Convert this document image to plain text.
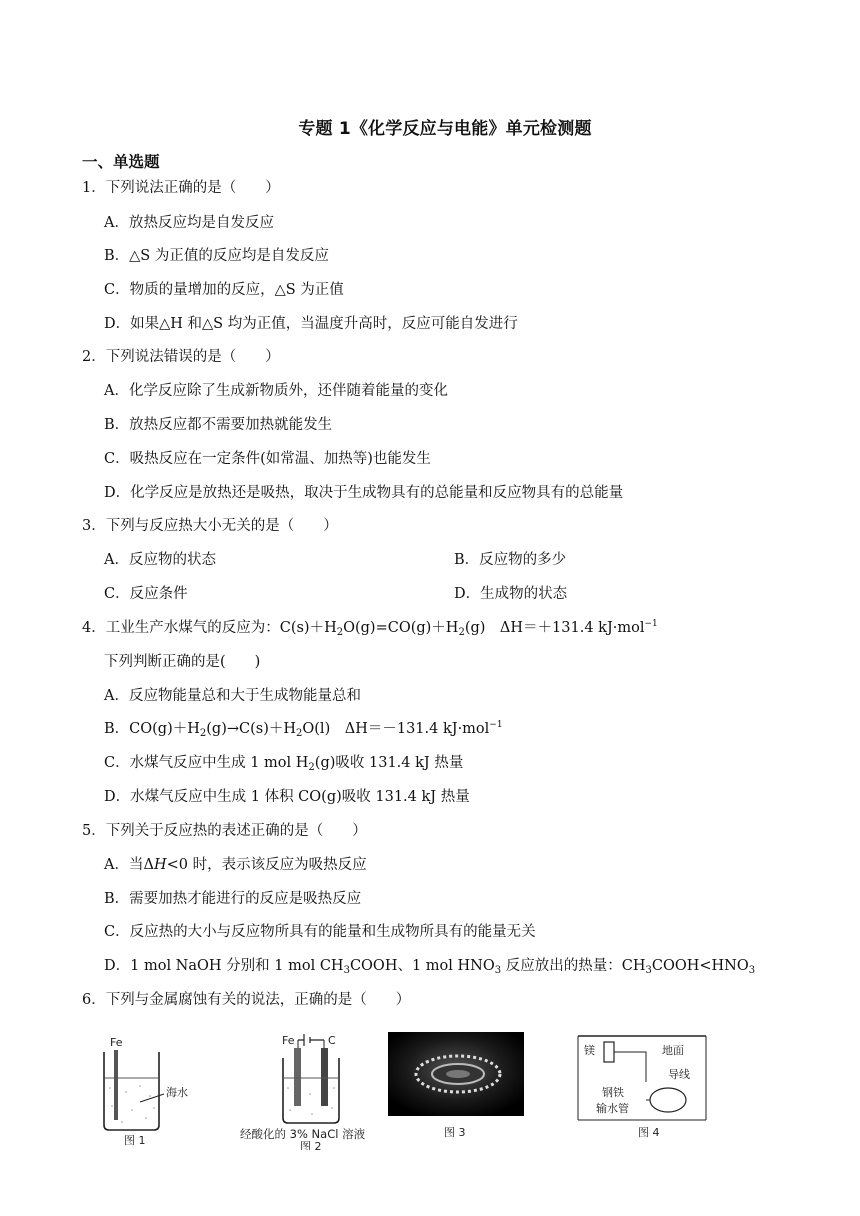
专题 1《化学反应与电能》单元检测题
一、单选题
1．下列说法正确的是（　　）
A．放热反应均是自发反应
B．△S 为正值的反应均是自发反应
C．物质的量增加的反应，△S 为正值
D．如果△H 和△S 均为正值，当温度升高时，反应可能自发进行
2．下列说法错误的是（　　）
A．化学反应除了生成新物质外，还伴随着能量的变化
B．放热反应都不需要加热就能发生
C．吸热反应在一定条件(如常温、加热等)也能发生
D．化学反应是放热还是吸热，取决于生成物具有的总能量和反应物具有的总能量
3．下列与反应热大小无关的是（　　）
A．反应物的状态	B．反应物的多少
C．反应条件	D．生成物的状态
4．工业生产水煤气的反应为：$C(s)+H_2O(g)=CO(g)+H_2(g)$　ΔH＝＋131.4 kJ·mol$^{-1}$
下列判断正确的是(　　)
A．反应物能量总和大于生成物能量总和
B．$CO(g)+H_2(g)\to C(s)+H_2O(l)$　ΔH＝－131.4 kJ·mol$^{-1}$
C．水煤气反应中生成 1 mol $H_2(g)$吸收 131.4 kJ 热量
D．水煤气反应中生成 1 体积 CO(g)吸收 131.4 kJ 热量
5．下列关于反应热的表述正确的是（　　）
A．当ΔH<0 时，表示该反应为吸热反应
B．需要加热才能进行的反应是吸热反应
C．反应热的大小与反应物所具有的能量和生成物所具有的能量无关
D．1 mol NaOH 分别和 1 mol $CH_3COOH$、1 mol $HNO_3$ 反应放出的热量：$CH_3COOH<HNO_3$
6．下列与金属腐蚀有关的说法，正确的是（　　）
Fe
海水
图 1
Fe	C
经酸化的 3% NaCl 溶液
图 2
图 3
镁	地面
导线
钢铁
输水管
图 4
